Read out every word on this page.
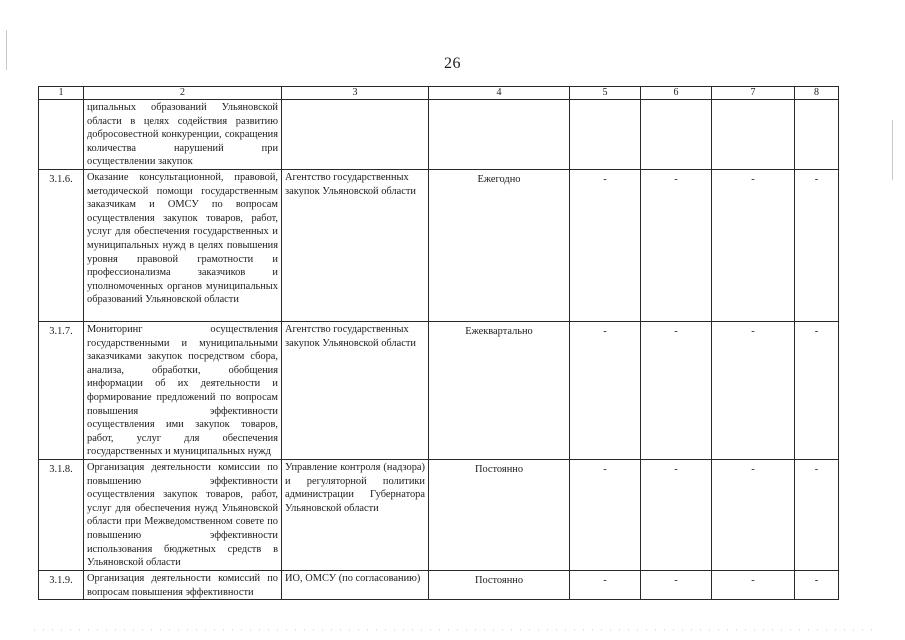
26
1	2	3	4	5	6	7	8
	ципальных образований Ульяновской области в целях содействия развитию добросовестной конкуренции, сокращения количества нарушений при осуществлении закупок						
3.1.6.	Оказание консультационной, правовой, методической помощи государственным заказчикам и ОМСУ по вопросам осуществления закупок товаров, работ, услуг для обеспечения государственных и муниципальных нужд в целях повышения уровня правовой грамотности и профессионализма заказчиков и уполномоченных органов муниципальных образований Ульяновской области	Агентство государственных закупок Ульяновской области	Ежегодно	-	-	-	-
3.1.7.	Мониторинг осуществления государственными и муниципальными заказчиками закупок посредством сбора, анализа, обработки, обобщения информации об их деятельности и формирование предложений по вопросам повышения эффективности осуществления ими закупок товаров, работ, услуг для обеспечения государственных и муниципальных нужд	Агентство государственных закупок Ульяновской области	Ежеквартально	-	-	-	-
3.1.8.	Организация деятельности комиссии по повышению эффективности осуществления закупок товаров, работ, услуг для обеспечения нужд Ульяновской области при Межведомственном совете по повышению эффективности использования бюджетных средств в Ульяновской области	Управление контроля (надзора) и регуляторной политики администрации Губернатора Ульяновской области	Постоянно	-	-	-	-
3.1.9.	Организация деятельности комиссий по вопросам повышения эффективности	ИО, ОМСУ (по согласованию)	Постоянно	-	-	-	-
